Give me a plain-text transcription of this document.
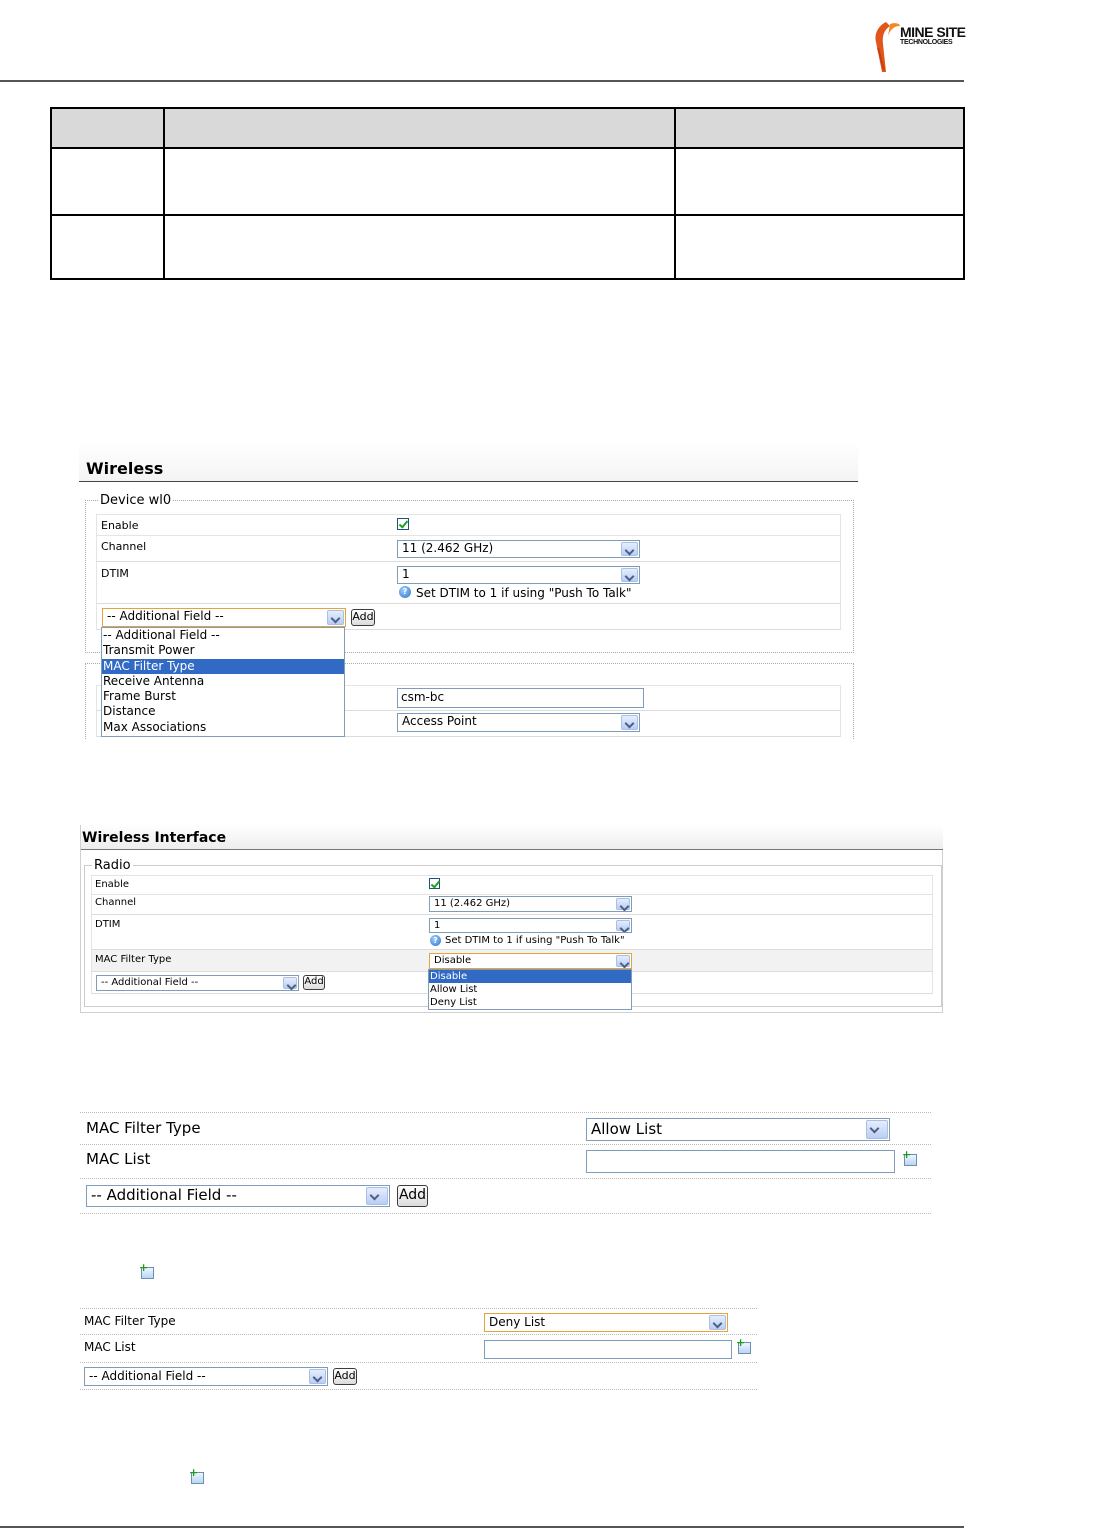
MINE SITE
TECHNOLOGIES

Wireless
Device wl0
Enable
Channel	11 (2.462 GHz)
DTIM	1
? Set DTIM to 1 if using "Push To Talk"
-- Additional Field --	Add
csm-bc
Access Point
-- Additional Field --
Transmit Power
MAC Filter Type
Receive Antenna
Frame Burst
Distance
Max Associations
Wireless Interface
Radio
Enable
Channel	11 (2.462 GHz)
DTIM	1
? Set DTIM to 1 if using "Push To Talk"
MAC Filter Type	Disable
-- Additional Field --	Add	Disable
Allow List
Deny List
MAC Filter Type	Allow List
MAC List	+
-- Additional Field --	Add
+
MAC Filter Type	Deny List
MAC List	+
-- Additional Field --	Add
+
